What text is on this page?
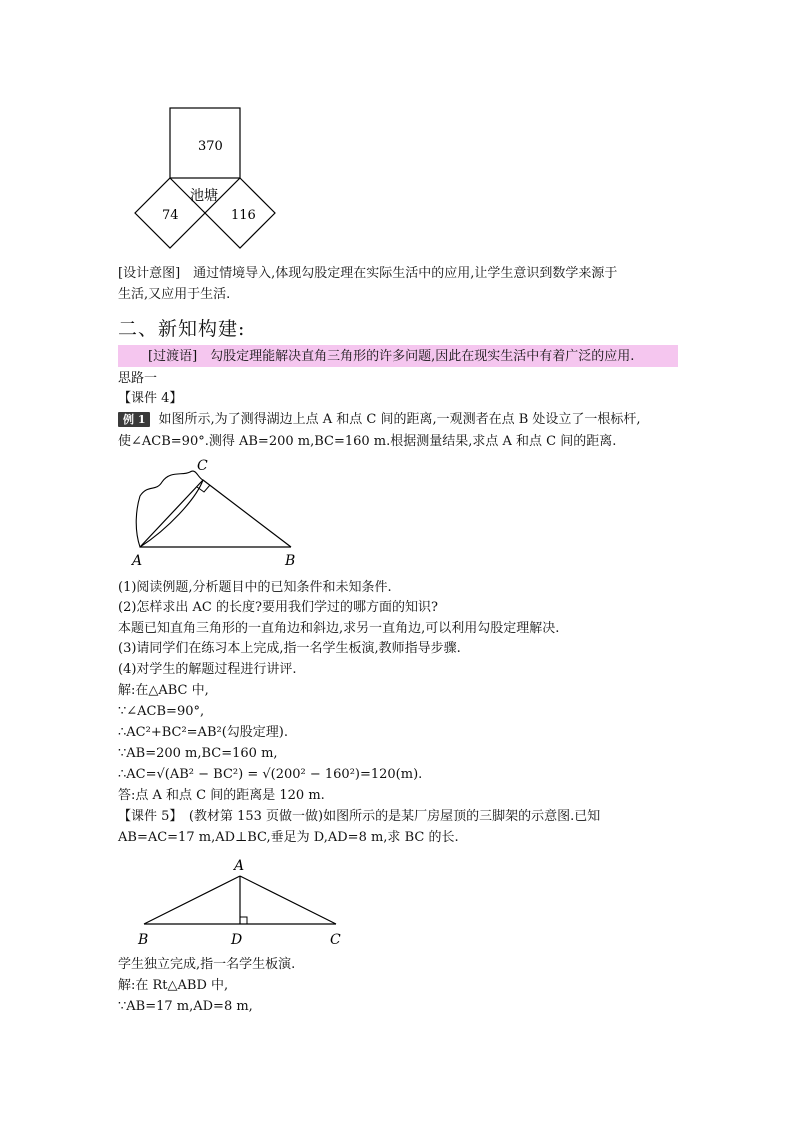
370
池塘
74	116
[设计意图]　通过情境导入,体现勾股定理在实际生活中的应用,让学生意识到数学来源于
生活,又应用于生活.
二、新知构建:
[过渡语]　勾股定理能解决直角三角形的许多问题,因此在现实生活中有着广泛的应用.
思路一
【课件 4】
例 1 如图所示,为了测得湖边上点 A 和点 C 间的距离,一观测者在点 B 处设立了一根标杆,
使∠ACB=90°.测得 AB=200 m,BC=160 m.根据测量结果,求点 A 和点 C 间的距离.
C
A	B
(1)阅读例题,分析题目中的已知条件和未知条件.
(2)怎样求出 AC 的长度?要用我们学过的哪方面的知识?
本题已知直角三角形的一直角边和斜边,求另一直角边,可以利用勾股定理解决.
(3)请同学们在练习本上完成,指一名学生板演,教师指导步骤.
(4)对学生的解题过程进行讲评.
解:在△ABC 中,
∵∠ACB=90°,
∴AC²+BC²=AB²(勾股定理).
∵AB=200 m,BC=160 m,
∴AC=√(AB² − BC²) = √(200² − 160²)=120(m).
答:点 A 和点 C 间的距离是 120 m.
【课件 5】　(教材第 153 页做一做)如图所示的是某厂房屋顶的三脚架的示意图.已知
AB=AC=17 m,AD⊥BC,垂足为 D,AD=8 m,求 BC 的长.
A
B	D	C
学生独立完成,指一名学生板演.
解:在 Rt△ABD 中,
∵AB=17 m,AD=8 m,
